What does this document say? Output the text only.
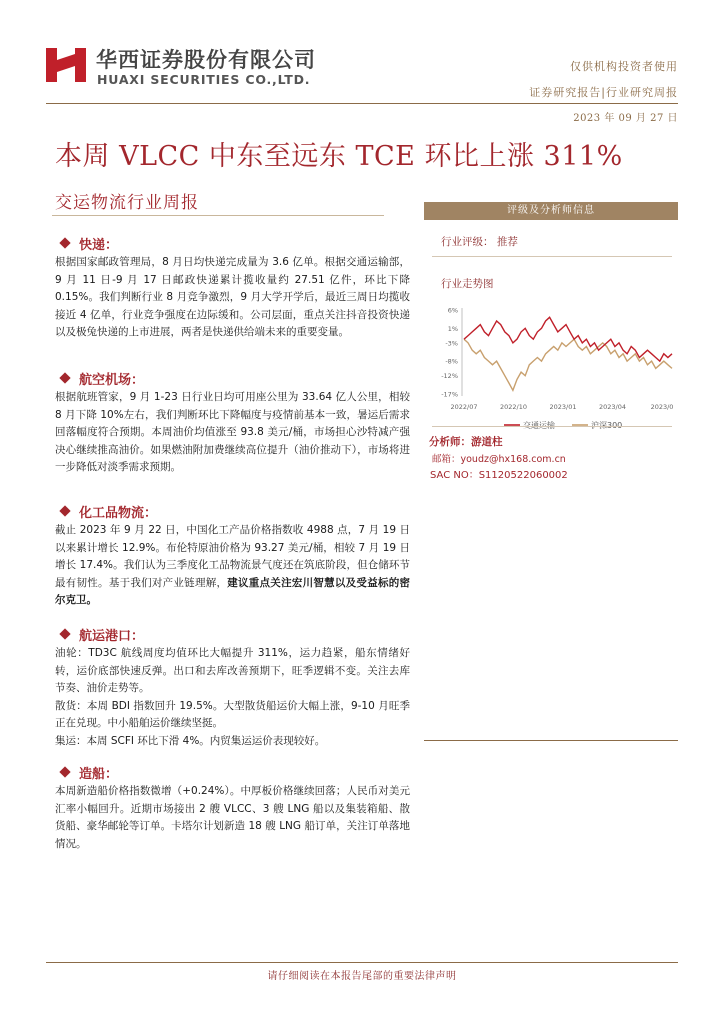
华西证券股份有限公司
HUAXI SECURITIES CO.,LTD.
仅供机构投资者使用
证券研究报告|行业研究周报
2023 年 09 月 27 日
本周 VLCC 中东至远东 TCE 环比上涨 311%
交运物流行业周报
快递：
根据国家邮政管理局，8 月日均快递完成量为 3.6 亿单。根据交通运输部，9 月 11 日-9 月 17 日邮政快递累计揽收量约 27.51 亿件，环比下降 0.15%。我们判断行业 8 月竞争激烈，9 月大学开学后，最近三周日均揽收接近 4 亿单，行业竞争强度在边际缓和。公司层面，重点关注抖音投资快递以及极兔快递的上市进展，两者是快递供给端未来的重要变量。
航空机场：
根据航班管家，9 月 1-23 日行业日均可用座公里为 33.64 亿人公里，相较 8 月下降 10%左右，我们判断环比下降幅度与疫情前基本一致，暑运后需求回落幅度符合预期。本周油价均值涨至 93.8 美元/桶，市场担心沙特减产强决心继续推高油价。如果燃油附加费继续高位提升（油价推动下），市场将进一步降低对淡季需求预期。
化工品物流：
截止 2023 年 9 月 22 日，中国化工产品价格指数收 4988 点，7 月 19 日以来累计增长 12.9%。布伦特原油价格为 93.27 美元/桶，相较 7 月 19 日增长 17.4%。我们认为三季度化工品物流景气度还在筑底阶段，但仓储环节最有韧性。基于我们对产业链理解，建议重点关注宏川智慧以及受益标的密尔克卫。
航运港口：

油轮：TD3C 航线周度均值环比大幅提升 311%，运力趋紧，船东情绪好转，运价底部快速反弹。出口和去库改善预期下，旺季逻辑不变。关注去库节奏、油价走势等。

散货：本周 BDI 指数回升 19.5%。大型散货船运价大幅上涨，9-10 月旺季正在兑现。中小船舶运价继续坚挺。

集运：本周 SCFI 环比下滑 4%。内贸集运运价表现较好。

造船：
本周新造船价格指数微增（+0.24%）。中厚板价格继续回落；人民币对美元汇率小幅回升。近期市场接出 2 艘 VLCC、3 艘 LNG 船以及集装箱船、散货船、豪华邮轮等订单。卡塔尔计划新造 18 艘 LNG 船订单，关注订单落地情况。
评级及分析师信息
行业评级： 推荐
行业走势图
6%
1%
-3%
-8%
-12%
-17%
2022/07	2022/10	2023/01	2023/04	2023/0
交通运输	沪深300
分析师：游道柱
邮箱：youdz@hx168.com.cn
SAC NO：S1120522060002
请仔细阅读在本报告尾部的重要法律声明
